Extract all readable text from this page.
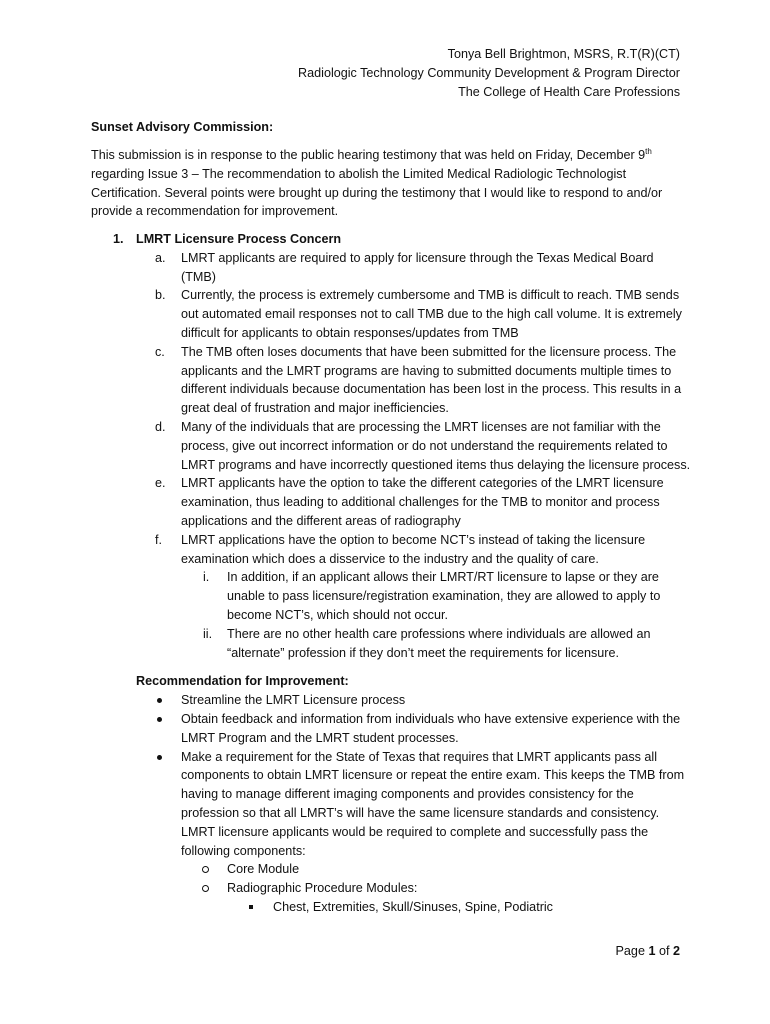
Tonya Bell Brightmon, MSRS, R.T(R)(CT)
Radiologic Technology Community Development & Program Director
The College of Health Care Professions
Sunset Advisory Commission:
This submission is in response to the public hearing testimony that was held on Friday, December 9th regarding Issue 3 – The recommendation to abolish the Limited Medical Radiologic Technologist Certification. Several points were brought up during the testimony that I would like to respond to and/or provide a recommendation for improvement.
1. LMRT Licensure Process Concern
a. LMRT applicants are required to apply for licensure through the Texas Medical Board (TMB)
b. Currently, the process is extremely cumbersome and TMB is difficult to reach. TMB sends out automated email responses not to call TMB due to the high call volume. It is extremely difficult for applicants to obtain responses/updates from TMB
c. The TMB often loses documents that have been submitted for the licensure process. The applicants and the LMRT programs are having to submitted documents multiple times to different individuals because documentation has been lost in the process. This results in a great deal of frustration and major inefficiencies.
d. Many of the individuals that are processing the LMRT licenses are not familiar with the process, give out incorrect information or do not understand the requirements related to LMRT programs and have incorrectly questioned items thus delaying the licensure process.
e. LMRT applicants have the option to take the different categories of the LMRT licensure examination, thus leading to additional challenges for the TMB to monitor and process applications and the different areas of radiography
f. LMRT applications have the option to become NCT’s instead of taking the licensure examination which does a disservice to the industry and the quality of care.
i. In addition, if an applicant allows their LMRT/RT licensure to lapse or they are unable to pass licensure/registration examination, they are allowed to apply to become NCT’s, which should not occur.
ii. There are no other health care professions where individuals are allowed an “alternate” profession if they don’t meet the requirements for licensure.
Recommendation for Improvement:
Streamline the LMRT Licensure process
Obtain feedback and information from individuals who have extensive experience with the LMRT Program and the LMRT student processes.
Make a requirement for the State of Texas that requires that LMRT applicants pass all components to obtain LMRT licensure or repeat the entire exam. This keeps the TMB from having to manage different imaging components and provides consistency for the profession so that all LMRT’s will have the same licensure standards and consistency. LMRT licensure applicants would be required to complete and successfully pass the following components:
Core Module
Radiographic Procedure Modules:
Chest, Extremities, Skull/Sinuses, Spine, Podiatric
Page 1 of 2
